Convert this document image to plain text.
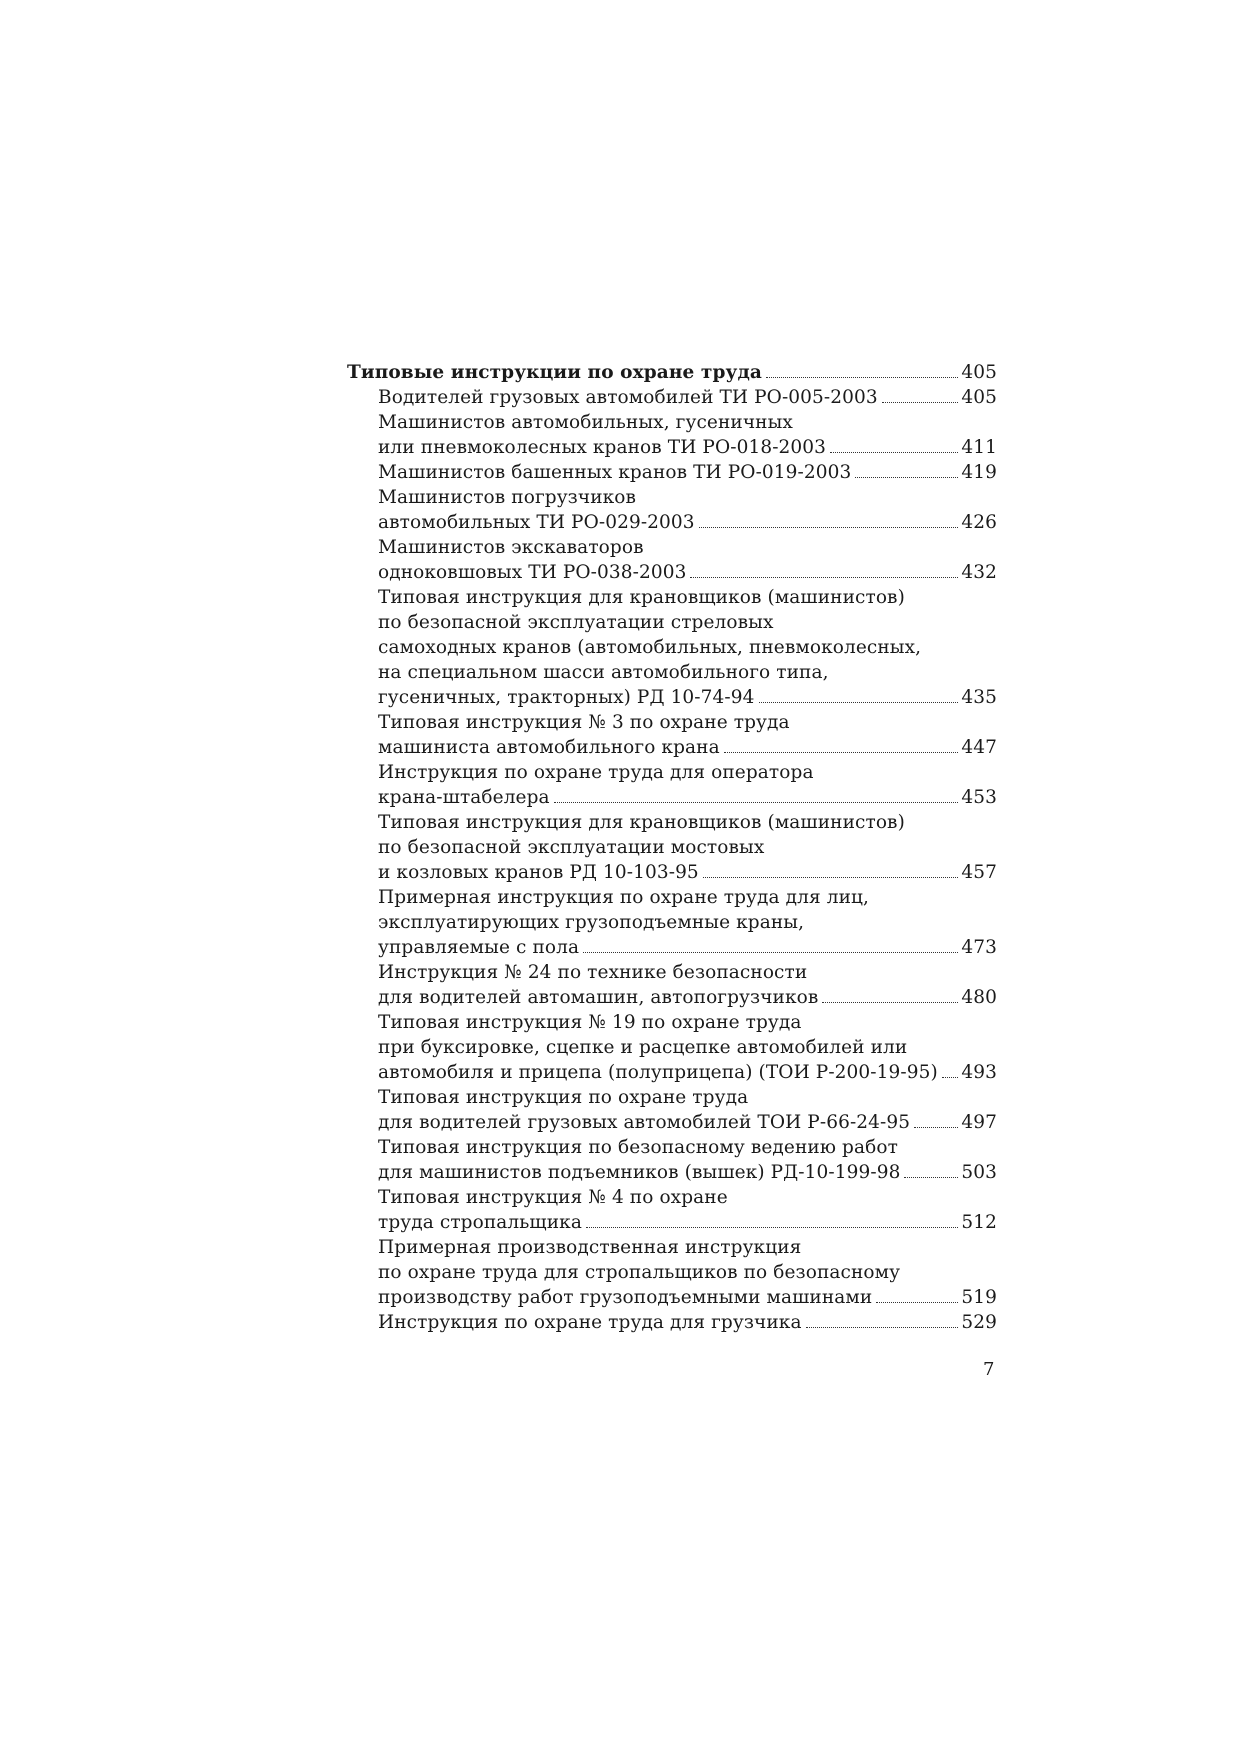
Типовые инструкции по охране труда	405
Водителей грузовых автомобилей ТИ РО-005-2003	405
Машинистов автомобильных, гусеничных
или пневмоколесных кранов ТИ РО-018-2003	411
Машинистов башенных кранов ТИ РО-019-2003	419
Машинистов погрузчиков
автомобильных ТИ РО-029-2003	426
Машинистов экскаваторов
одноковшовых ТИ РО-038-2003	432
Типовая инструкция для крановщиков (машинистов)
по безопасной эксплуатации стреловых
самоходных кранов (автомобильных, пневмоколесных,
на специальном шасси автомобильного типа,
гусеничных, тракторных) РД 10-74-94	435
Типовая инструкция № 3 по охране труда
машиниста автомобильного крана	447
Инструкция по охране труда для оператора
крана-штабелера	453
Типовая инструкция для крановщиков (машинистов)
по безопасной эксплуатации мостовых
и козловых кранов РД 10-103-95	457
Примерная инструкция по охране труда для лиц,
эксплуатирующих грузоподъемные краны,
управляемые с пола	473
Инструкция № 24 по технике безопасности
для водителей автомашин, автопогрузчиков	480
Типовая инструкция № 19 по охране труда
при буксировке, сцепке и расцепке автомобилей или
автомобиля и прицепа (полуприцепа) (ТОИ Р-200-19-95) 493
Типовая инструкция по охране труда
для водителей грузовых автомобилей ТОИ Р-66-24-95	497
Типовая инструкция по безопасному ведению работ
для машинистов подъемников (вышек) РД-10-199-98	503
Типовая инструкция № 4 по охране
труда стропальщика	512
Примерная производственная инструкция
по охране труда для стропальщиков по безопасному
производству работ грузоподъемными машинами	519
Инструкция по охране труда для грузчика	529
7
